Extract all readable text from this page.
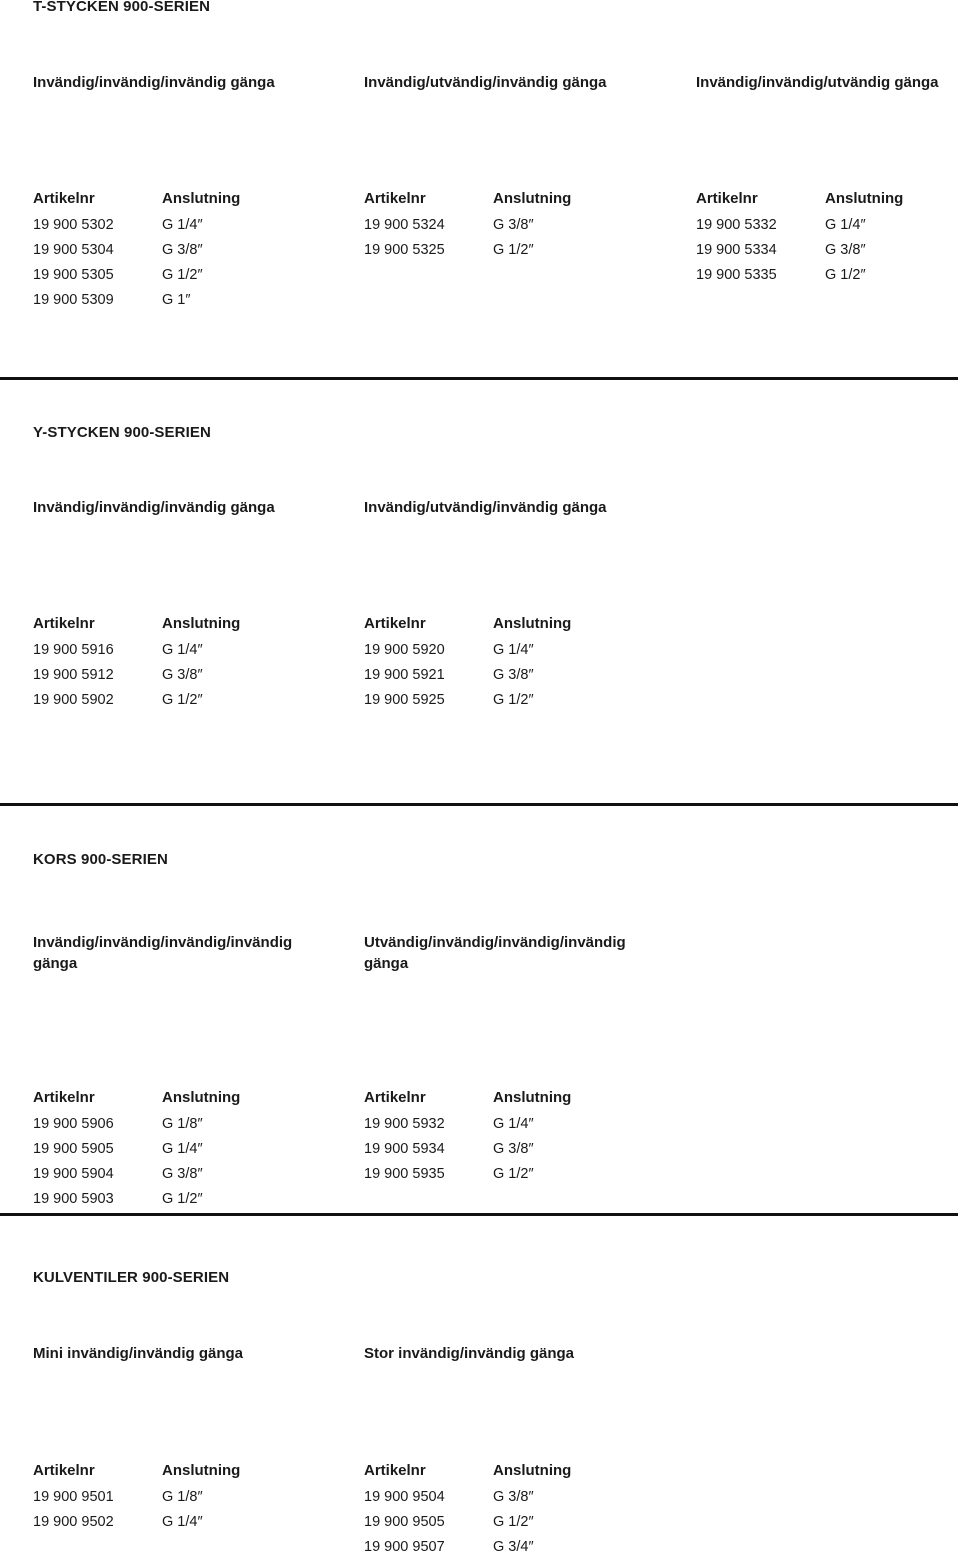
T-STYCKEN 900-SERIEN
Invändig/invändig/invändig gänga
Artikelnr	Anslutning
19 900 5302	G 1/4″
19 900 5304	G 3/8″
19 900 5305	G 1/2″
19 900 5309	G 1″
Invändig/utvändig/invändig gänga
Artikelnr	Anslutning
19 900 5324	G 3/8″
19 900 5325	G 1/2″
Invändig/invändig/utvändig gänga
Artikelnr	Anslutning
19 900 5332	G 1/4″
19 900 5334	G 3/8″
19 900 5335	G 1/2″
Y-STYCKEN 900-SERIEN
Invändig/invändig/invändig gänga
Artikelnr	Anslutning
19 900 5916	G 1/4″
19 900 5912	G 3/8″
19 900 5902	G 1/2″
Invändig/utvändig/invändig gänga
Artikelnr	Anslutning
19 900 5920	G 1/4″
19 900 5921	G 3/8″
19 900 5925	G 1/2″
KORS 900-SERIEN
Invändig/invändig/invändig/invändig
gänga
Artikelnr	Anslutning
19 900 5906	G 1/8″
19 900 5905	G 1/4″
19 900 5904	G 3/8″
19 900 5903	G 1/2″
Utvändig/invändig/invändig/invändig
gänga
Artikelnr	Anslutning
19 900 5932	G 1/4″
19 900 5934	G 3/8″
19 900 5935	G 1/2″
KULVENTILER 900-SERIEN
Mini invändig/invändig gänga
Artikelnr	Anslutning
19 900 9501	G 1/8″
19 900 9502	G 1/4″
Stor invändig/invändig gänga
Artikelnr	Anslutning
19 900 9504	G 3/8″
19 900 9505	G 1/2″
19 900 9507	G 3/4″
